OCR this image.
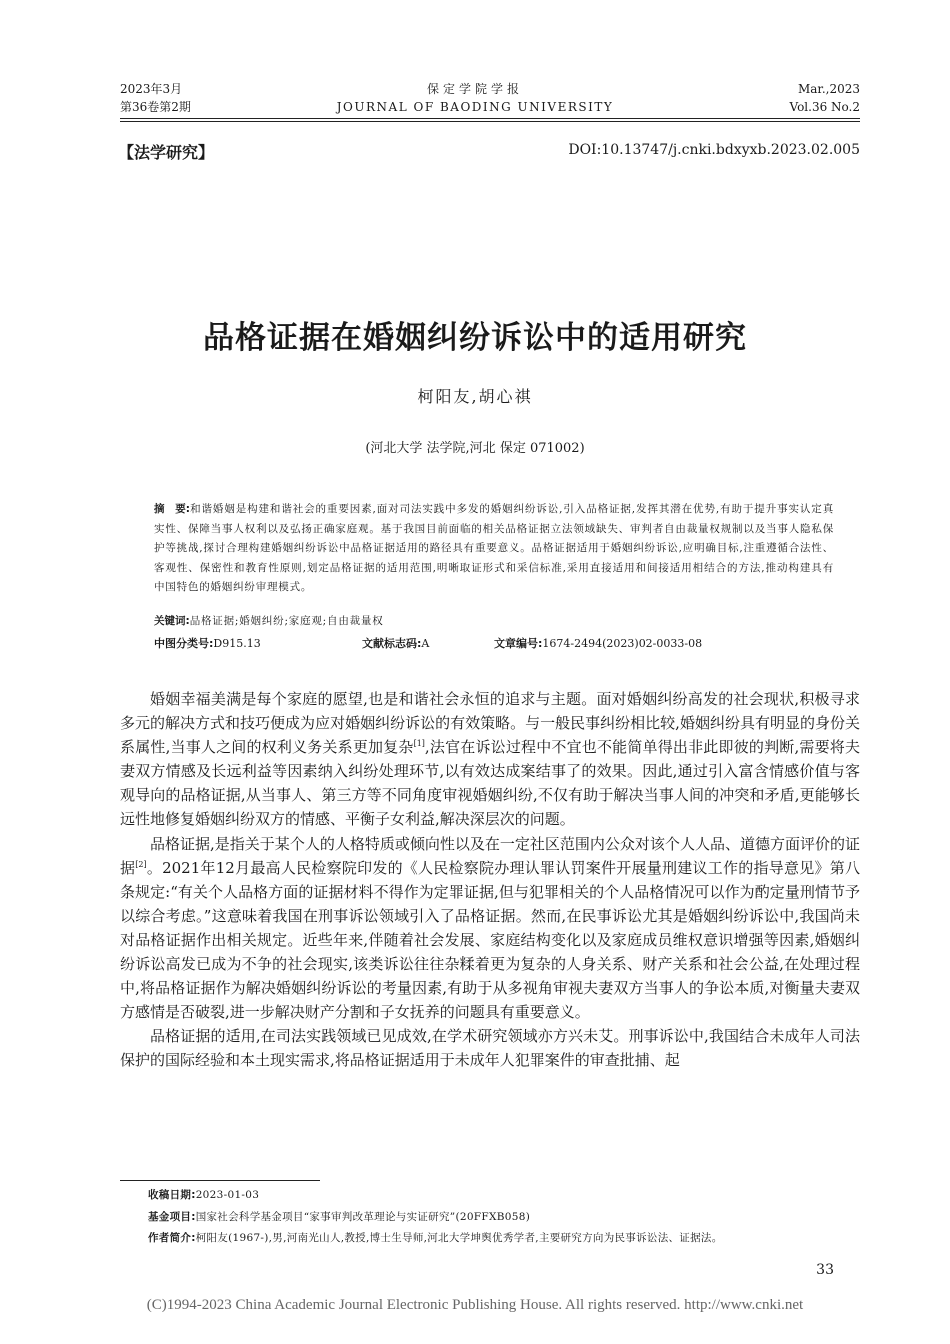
2023年3月
第36卷第2期
保定学院学报
JOURNAL OF BAODING UNIVERSITY
Mar.,2023
Vol.36 No.2
【法学研究】	DOI:10.13747/j.cnki.bdxyxb.2023.02.005
品格证据在婚姻纠纷诉讼中的适用研究
柯阳友,胡心祺
(河北大学 法学院,河北 保定 071002)
摘　要:和谐婚姻是构建和谐社会的重要因素,面对司法实践中多发的婚姻纠纷诉讼,引入品格证据,发挥其潜在优势,有助于提升事实认定真实性、保障当事人权利以及弘扬正确家庭观。基于我国目前面临的相关品格证据立法领域缺失、审判者自由裁量权规制以及当事人隐私保护等挑战,探讨合理构建婚姻纠纷诉讼中品格证据适用的路径具有重要意义。品格证据适用于婚姻纠纷诉讼,应明确目标,注重遵循合法性、客观性、保密性和教育性原则,划定品格证据的适用范围,明晰取证形式和采信标准,采用直接适用和间接适用相结合的方法,推动构建具有中国特色的婚姻纠纷审理模式。
关键词:品格证据;婚姻纠纷;家庭观;自由裁量权
中图分类号:D915.13	文献标志码:A	文章编号:1674-2494(2023)02-0033-08

婚姻幸福美满是每个家庭的愿望,也是和谐社会永恒的追求与主题。面对婚姻纠纷高发的社会现状,积极寻求多元的解决方式和技巧便成为应对婚姻纠纷诉讼的有效策略。与一般民事纠纷相比较,婚姻纠纷具有明显的身份关系属性,当事人之间的权利义务关系更加复杂[1],法官在诉讼过程中不宜也不能简单得出非此即彼的判断,需要将夫妻双方情感及长远利益等因素纳入纠纷处理环节,以有效达成案结事了的效果。因此,通过引入富含情感价值与客观导向的品格证据,从当事人、第三方等不同角度审视婚姻纠纷,不仅有助于解决当事人间的冲突和矛盾,更能够长远性地修复婚姻纠纷双方的情感、平衡子女利益,解决深层次的问题。

品格证据,是指关于某个人的人格特质或倾向性以及在一定社区范围内公众对该个人人品、道德方面评价的证据[2]。2021年12月最高人民检察院印发的《人民检察院办理认罪认罚案件开展量刑建议工作的指导意见》第八条规定:“有关个人品格方面的证据材料不得作为定罪证据,但与犯罪相关的个人品格情况可以作为酌定量刑情节予以综合考虑。”这意味着我国在刑事诉讼领域引入了品格证据。然而,在民事诉讼尤其是婚姻纠纷诉讼中,我国尚未对品格证据作出相关规定。近些年来,伴随着社会发展、家庭结构变化以及家庭成员维权意识增强等因素,婚姻纠纷诉讼高发已成为不争的社会现实,该类诉讼往往杂糅着更为复杂的人身关系、财产关系和社会公益,在处理过程中,将品格证据作为解决婚姻纠纷诉讼的考量因素,有助于从多视角审视夫妻双方当事人的争讼本质,对衡量夫妻双方感情是否破裂,进一步解决财产分割和子女抚养的问题具有重要意义。

品格证据的适用,在司法实践领域已见成效,在学术研究领域亦方兴未艾。刑事诉讼中,我国结合未成年人司法保护的国际经验和本土现实需求,将品格证据适用于未成年人犯罪案件的审查批捕、起

收稿日期:2023-01-03
基金项目:国家社会科学基金项目“家事审判改革理论与实证研究”(20FFXB058)
作者简介:柯阳友(1967-),男,河南光山人,教授,博士生导师,河北大学坤舆优秀学者,主要研究方向为民事诉讼法、证据法。
33
(C)1994-2023 China Academic Journal Electronic Publishing House. All rights reserved. http://www.cnki.net
